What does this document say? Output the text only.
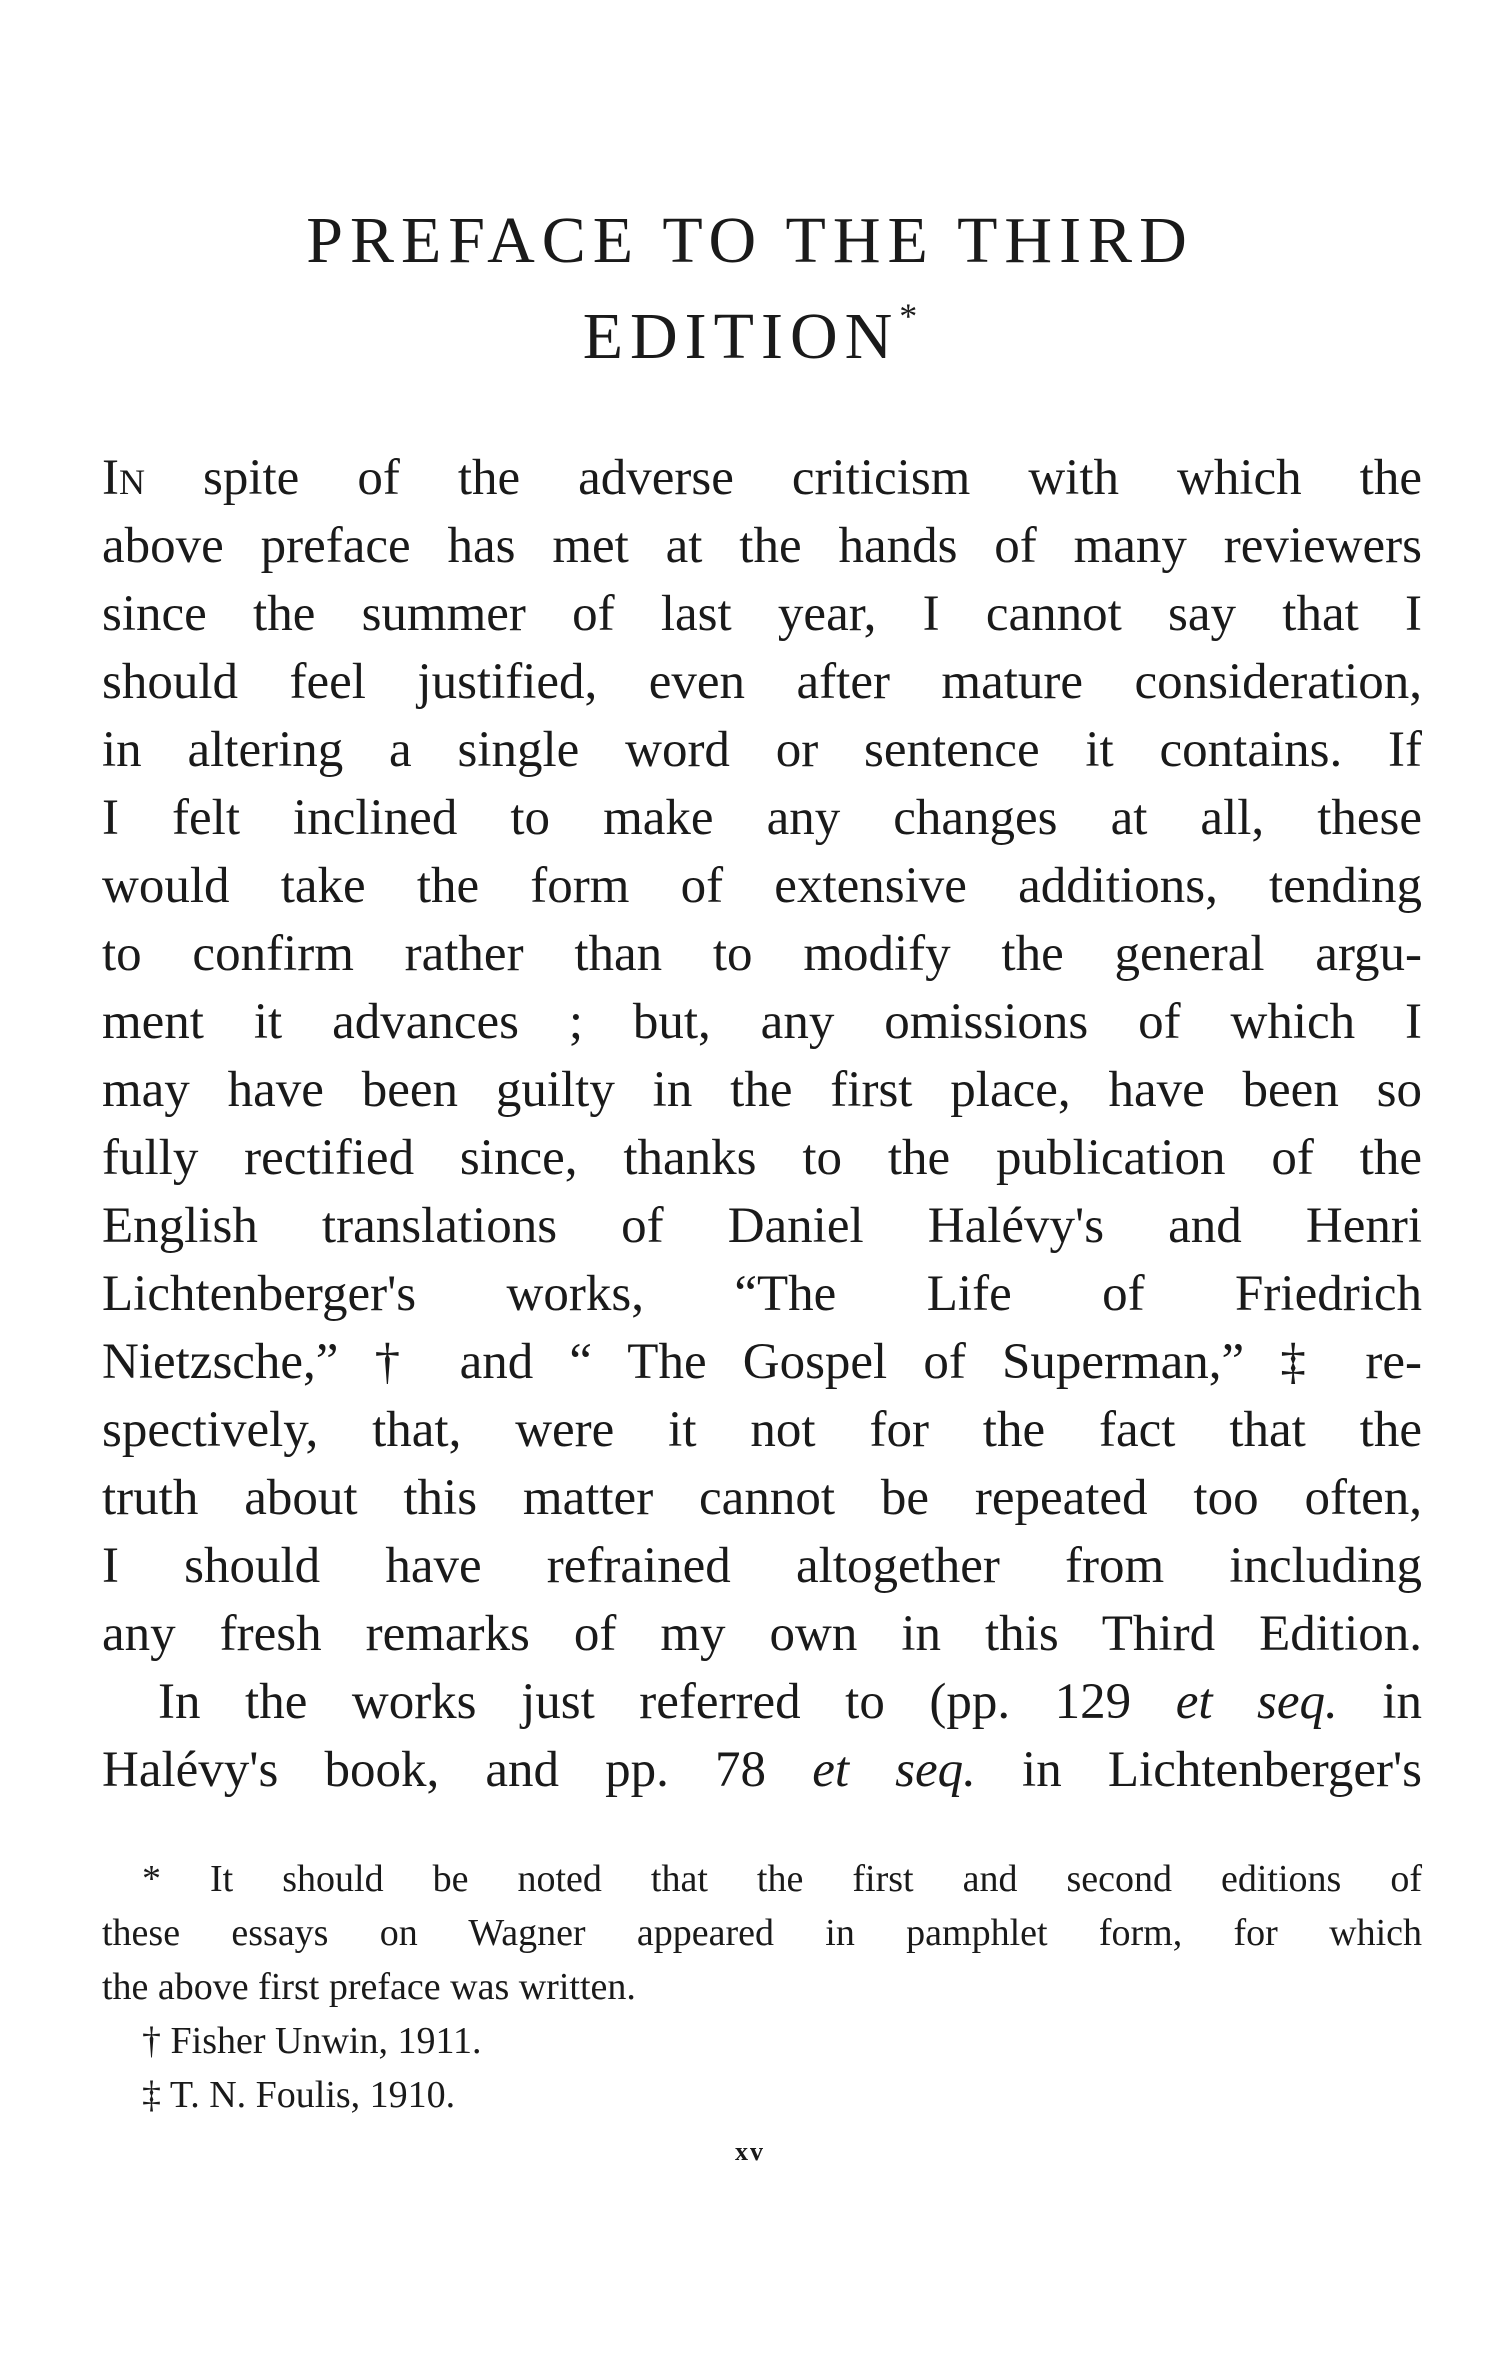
PREFACE TO THE THIRD
EDITION*
In spite of the adverse criticism with which the
above preface has met at the hands of many reviewers
since the summer of last year, I cannot say that I
should feel justified, even after mature consideration,
in altering a single word or sentence it contains. If
I felt inclined to make any changes at all, these
would take the form of extensive additions, tending
to confirm rather than to modify the general argu-
ment it advances ; but, any omissions of which I
may have been guilty in the first place, have been so
fully rectified since, thanks to the publication of the
English translations of Daniel Halévy's and Henri
Lichtenberger's works, “The Life of Friedrich
Nietzsche,” † and “ The Gospel of Superman,” ‡ re-
spectively, that, were it not for the fact that the
truth about this matter cannot be repeated too often,
I should have refrained altogether from including
any fresh remarks of my own in this Third Edition.
In the works just referred to (pp. 129 et seq. in
Halévy's book, and pp. 78 et seq. in Lichtenberger's
* It should be noted that the first and second editions of
these essays on Wagner appeared in pamphlet form, for which
the above first preface was written.
† Fisher Unwin, 1911.
‡ T. N. Foulis, 1910.
xv
